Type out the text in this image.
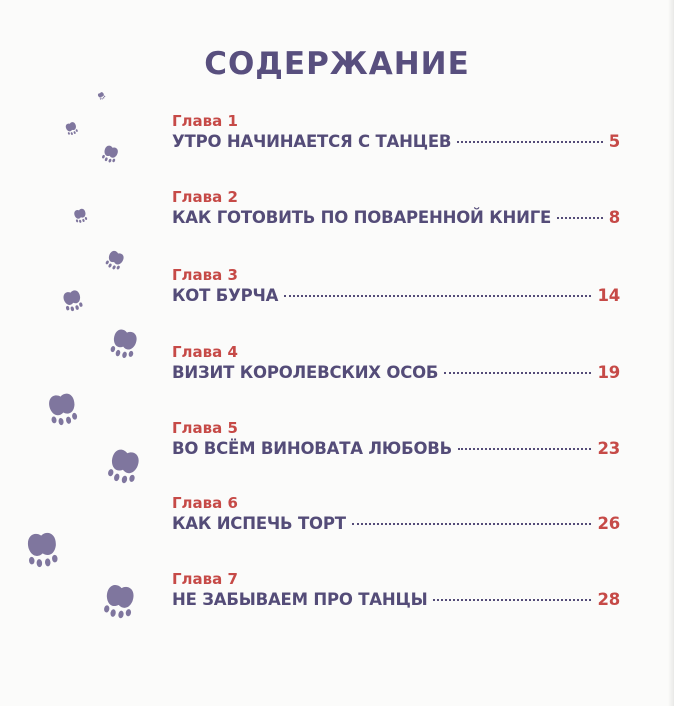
СОДЕРЖАНИЕ
Глава 1
УТРО НАЧИНАЕТСЯ С ТАНЦЕВ	5
Глава 2
КАК ГОТОВИТЬ ПО ПОВАРЕННОЙ КНИГЕ	8
Глава 3
КОТ БУРЧА	14
Глава 4
ВИЗИТ КОРОЛЕВСКИХ ОСОБ	19
Глава 5
ВО ВСЁМ ВИНОВАТА ЛЮБОВЬ	23
Глава 6
КАК ИСПЕЧЬ ТОРТ	26
Глава 7
НЕ ЗАБЫВАЕМ ПРО ТАНЦЫ	28
